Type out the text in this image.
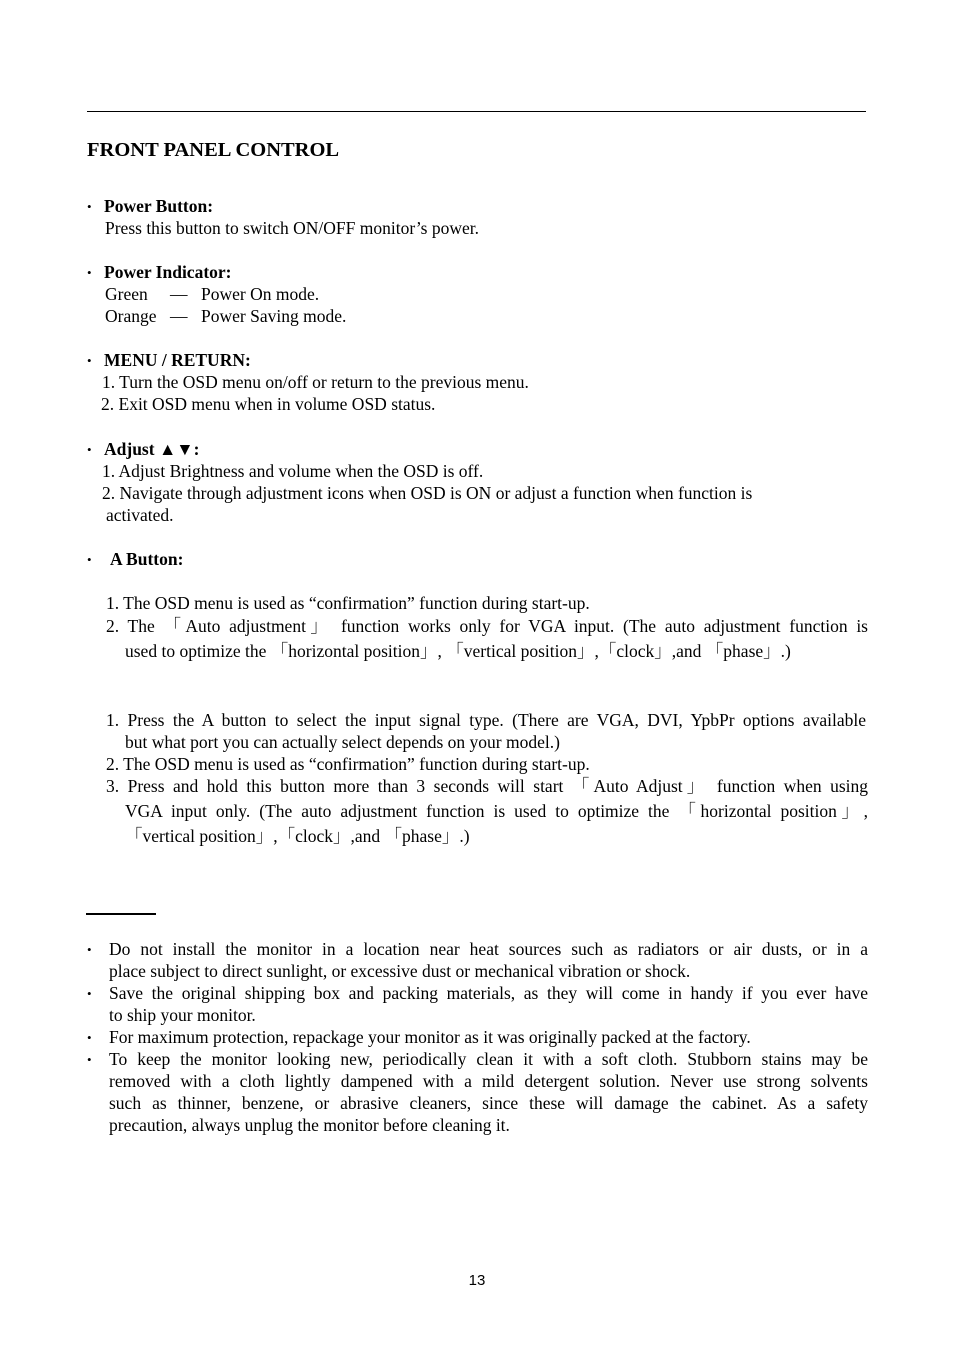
FRONT PANEL CONTROL
• Power Button:
Press this button to switch ON/OFF monitor’s power.
• Power Indicator:
Green — Power On mode.
Orange — Power Saving mode.
• MENU / RETURN:
1. Turn the OSD menu on/off or return to the previous menu.
2. Exit OSD menu when in volume OSD status.
• Adjust ▲▼:
1. Adjust Brightness and volume when the OSD is off.
2. Navigate through adjustment icons when OSD is ON or adjust a function when function is
activated.
• A Button:
1. The OSD menu is used as “confirmation” function during start-up.
2. The 「Auto adjustment」 function works only for VGA input. (The auto adjustment function is
used to optimize the 「horizontal position」, 「vertical position」,「clock」,and 「phase」.)
1. Press the A button to select the input signal type. (There are VGA, DVI, YpbPr options available
but what port you can actually select depends on your model.)
2. The OSD menu is used as “confirmation” function during start-up.
3. Press and hold this button more than 3 seconds will start 「Auto Adjust」 function when using
VGA input only. (The auto adjustment function is used to optimize the 「horizontal position」,
「vertical position」,「clock」,and 「phase」.)
• Do not install the monitor in a location near heat sources such as radiators or air dusts, or in a
place subject to direct sunlight, or excessive dust or mechanical vibration or shock.
• Save the original shipping box and packing materials, as they will come in handy if you ever have
to ship your monitor.
• For maximum protection, repackage your monitor as it was originally packed at the factory.
• To keep the monitor looking new, periodically clean it with a soft cloth. Stubborn stains may be
removed with a cloth lightly dampened with a mild detergent solution. Never use strong solvents
such as thinner, benzene, or abrasive cleaners, since these will damage the cabinet. As a safety
precaution, always unplug the monitor before cleaning it.
13
